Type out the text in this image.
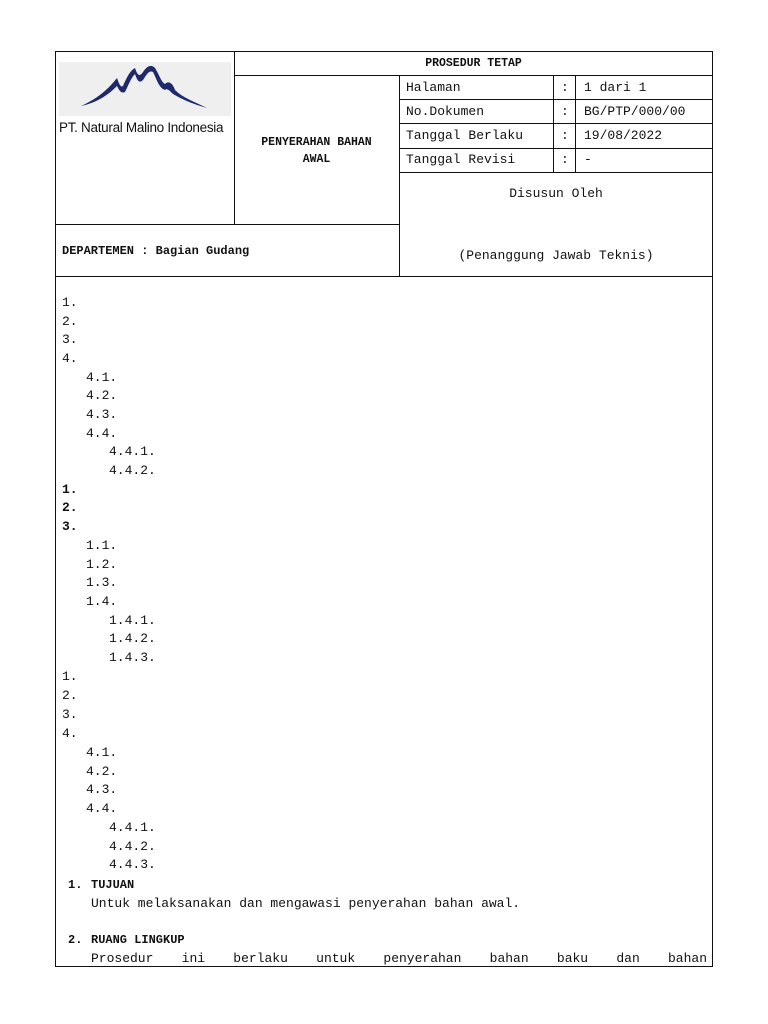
PT. Natural Malino Indonesia
PROSEDUR TETAP
PENYERAHAN BAHAN
AWAL
DEPARTEMEN : Bagian Gudang
Halaman	: 1 dari 1
No.Dokumen	: BG/PTP/000/00
Tanggal Berlaku	: 19/08/2022
Tanggal Revisi	: -
Disusun Oleh
(Penanggung Jawab Teknis)
1.
2.
3.
4.
4.1.
4.2.
4.3.
4.4.
4.4.1.
4.4.2.
1.
2.
3.
1.1.
1.2.
1.3.
1.4.
1.4.1.
1.4.2.
1.4.3.
1.
2.
3.
4.
4.1.
4.2.
4.3.
4.4.
4.4.1.
4.4.2.
4.4.3.
1. TUJUAN
Untuk melaksanakan dan mengawasi penyerahan bahan awal.
2. RUANG LINGKUP
Prosedur ini berlaku untuk penyerahan bahan baku dan bahan
